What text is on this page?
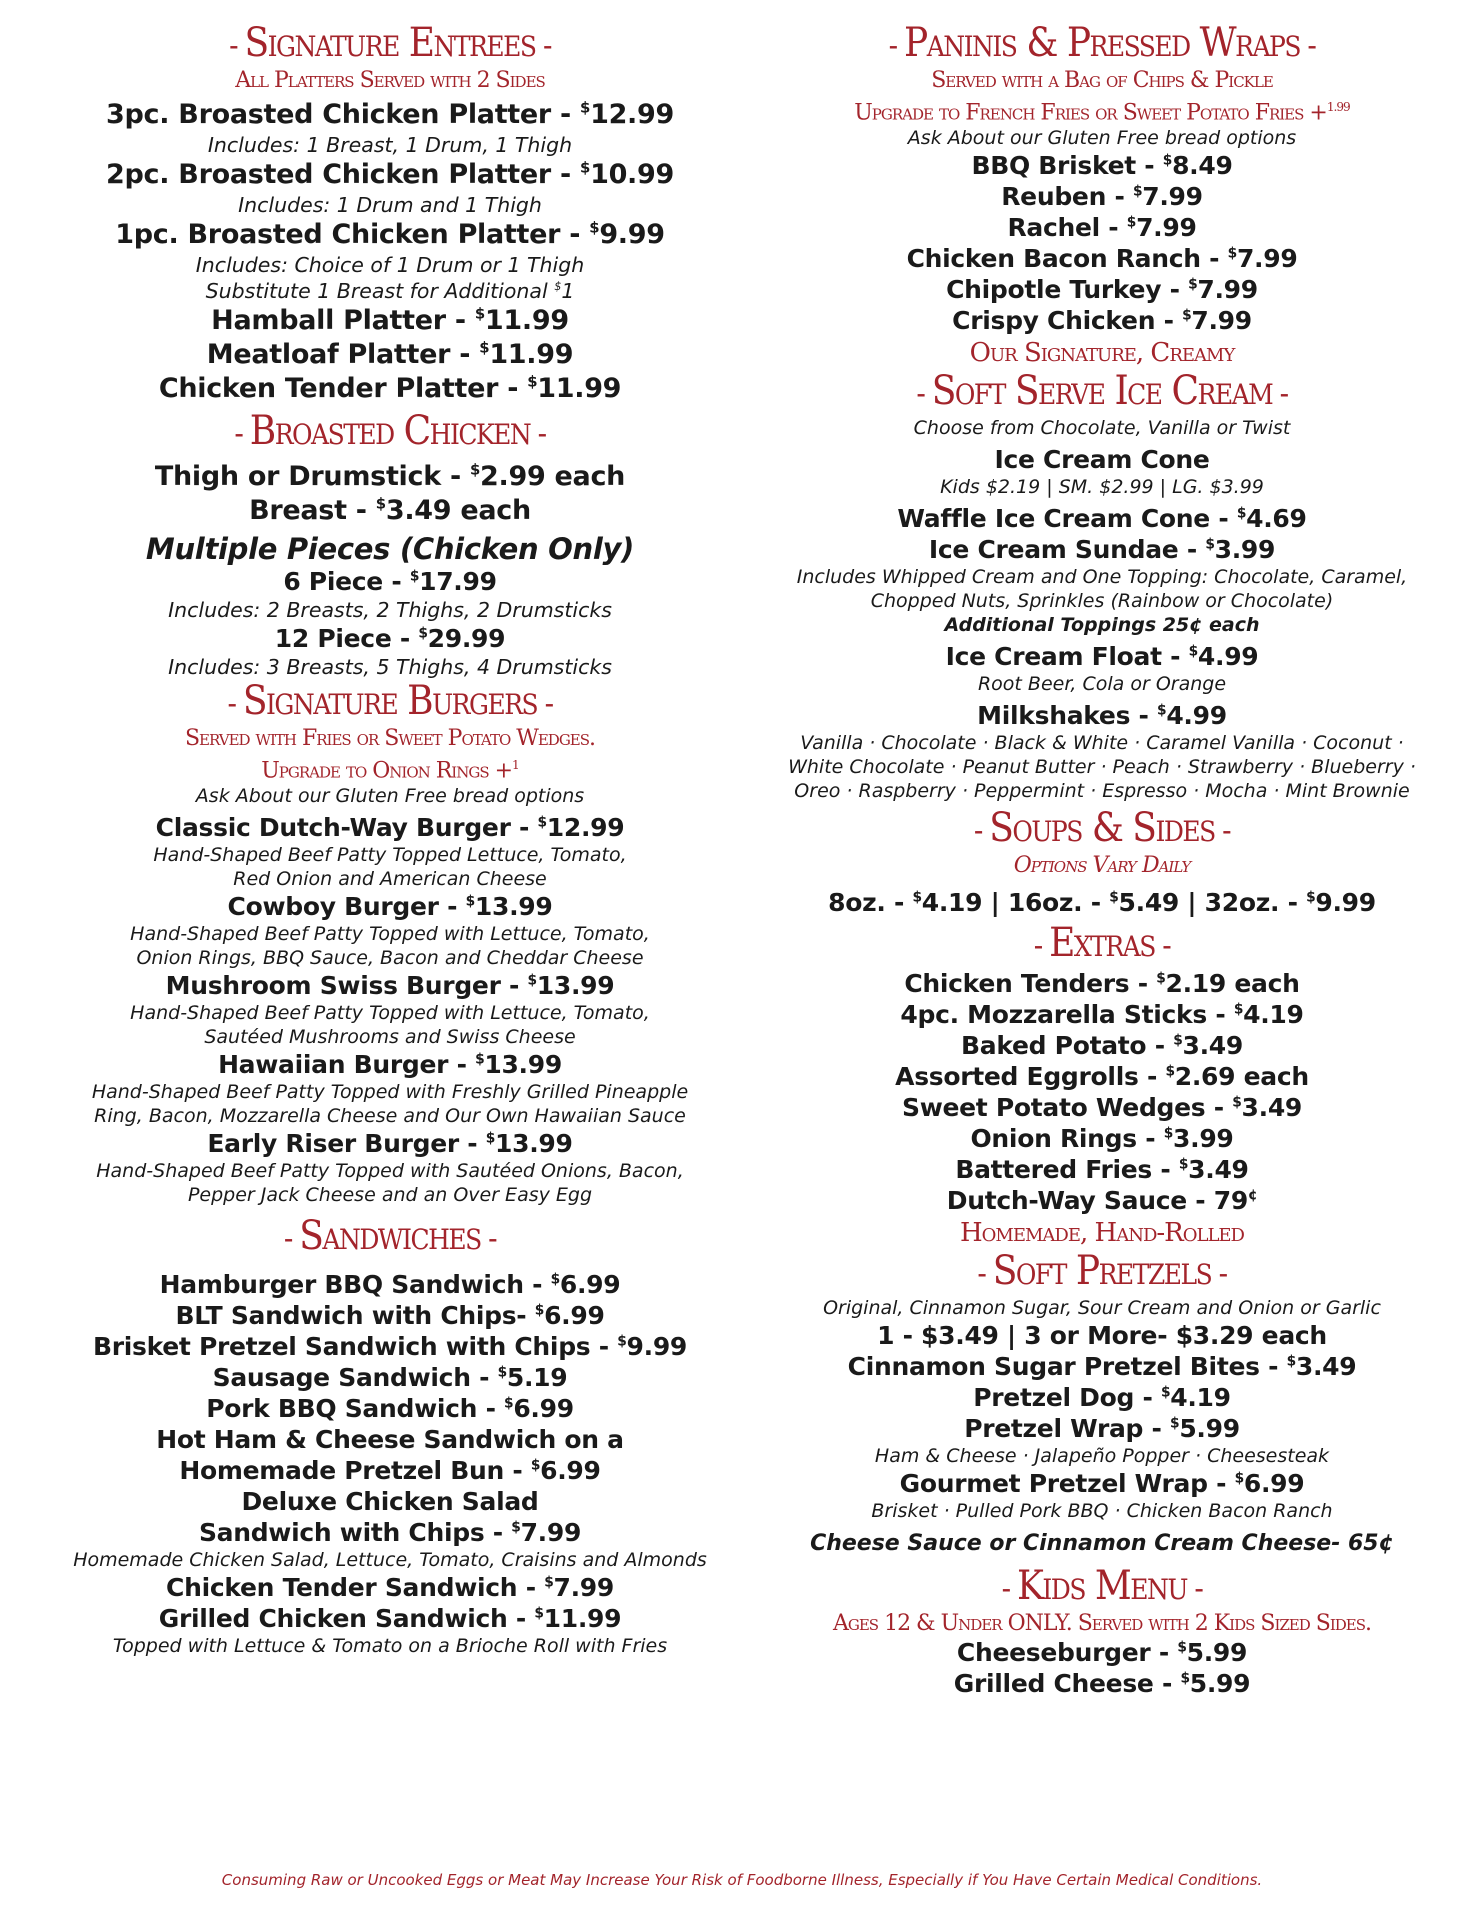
- Signature Entrees -
All Platters Served with 2 Sides
3pc. Broasted Chicken Platter - $12.99
Includes: 1 Breast, 1 Drum, 1 Thigh
2pc. Broasted Chicken Platter - $10.99
Includes: 1 Drum and 1 Thigh
1pc. Broasted Chicken Platter - $9.99
Includes: Choice of 1 Drum or 1 Thigh
Substitute 1 Breast for Additional $1
Hamball Platter - $11.99
Meatloaf Platter - $11.99
Chicken Tender Platter - $11.99
- Broasted Chicken -
Thigh or Drumstick - $2.99 each
Breast - $3.49 each
Multiple Pieces (Chicken Only)
6 Piece - $17.99
Includes: 2 Breasts, 2 Thighs, 2 Drumsticks
12 Piece - $29.99
Includes: 3 Breasts, 5 Thighs, 4 Drumsticks
- Signature Burgers -
Served with Fries or Sweet Potato Wedges.
Upgrade to Onion Rings +$^1$
Ask About our Gluten Free bread options
Classic Dutch-Way Burger - $12.99
Hand-Shaped Beef Patty Topped Lettuce, Tomato,
Red Onion and American Cheese
Cowboy Burger - $13.99
Hand-Shaped Beef Patty Topped with Lettuce, Tomato,
Onion Rings, BBQ Sauce, Bacon and Cheddar Cheese
Mushroom Swiss Burger - $13.99
Hand-Shaped Beef Patty Topped with Lettuce, Tomato,
Sautéed Mushrooms and Swiss Cheese
Hawaiian Burger - $13.99
Hand-Shaped Beef Patty Topped with Freshly Grilled Pineapple
Ring, Bacon, Mozzarella Cheese and Our Own Hawaiian Sauce
Early Riser Burger - $13.99
Hand-Shaped Beef Patty Topped with Sautéed Onions, Bacon,
Pepper Jack Cheese and an Over Easy Egg
- Sandwiches -
Hamburger BBQ Sandwich - $6.99
BLT Sandwich with Chips- $6.99
Brisket Pretzel Sandwich with Chips - $9.99
Sausage Sandwich - $5.19
Pork BBQ Sandwich - $6.99
Hot Ham & Cheese Sandwich on a
Homemade Pretzel Bun - $6.99
Deluxe Chicken Salad
Sandwich with Chips - $7.99
Homemade Chicken Salad, Lettuce, Tomato, Craisins and Almonds
Chicken Tender Sandwich - $7.99
Grilled Chicken Sandwich - $11.99
Topped with Lettuce & Tomato on a Brioche Roll with Fries
- Paninis & Pressed Wraps -
Served with a Bag of Chips & Pickle
Upgrade to French Fries or Sweet Potato Fries +$^{1.99}$
Ask About our Gluten Free bread options
BBQ Brisket - $8.49
Reuben - $7.99
Rachel - $7.99
Chicken Bacon Ranch - $7.99
Chipotle Turkey - $7.99
Crispy Chicken - $7.99
Our Signature, Creamy
- Soft Serve Ice Cream -
Choose from Chocolate, Vanilla or Twist
Ice Cream Cone
Kids $2.19 | SM. $2.99 | LG. $3.99
Waffle Ice Cream Cone - $4.69
Ice Cream Sundae - $3.99
Includes Whipped Cream and One Topping: Chocolate, Caramel,
Chopped Nuts, Sprinkles (Rainbow or Chocolate)
Additional Toppings 25¢ each
Ice Cream Float - $4.99
Root Beer, Cola or Orange
Milkshakes - $4.99
Vanilla · Chocolate · Black & White · Caramel Vanilla · Coconut ·
White Chocolate · Peanut Butter · Peach · Strawberry · Blueberry ·
Oreo · Raspberry · Peppermint · Espresso · Mocha · Mint Brownie
- Soups & Sides -
Options Vary Daily
8oz. - $4.19 | 16oz. - $5.49 | 32oz. - $9.99
- Extras -
Chicken Tenders - $2.19 each
4pc. Mozzarella Sticks - $4.19
Baked Potato - $3.49
Assorted Eggrolls - $2.69 each
Sweet Potato Wedges - $3.49
Onion Rings - $3.99
Battered Fries - $3.49
Dutch-Way Sauce - 79¢
Homemade, Hand-Rolled
- Soft Pretzels -
Original, Cinnamon Sugar, Sour Cream and Onion or Garlic
1 - $3.49 | 3 or More- $3.29 each
Cinnamon Sugar Pretzel Bites - $3.49
Pretzel Dog - $4.19
Pretzel Wrap - $5.99
Ham & Cheese · Jalapeño Popper · Cheesesteak
Gourmet Pretzel Wrap - $6.99
Brisket · Pulled Pork BBQ · Chicken Bacon Ranch
Cheese Sauce or Cinnamon Cream Cheese- 65¢
- Kids Menu -
Ages 12 & Under ONLY. Served with 2 Kids Sized Sides.
Cheeseburger - $5.99
Grilled Cheese - $5.99
Consuming Raw or Uncooked Eggs or Meat May Increase Your Risk of Foodborne Illness, Especially if You Have Certain Medical Conditions.
